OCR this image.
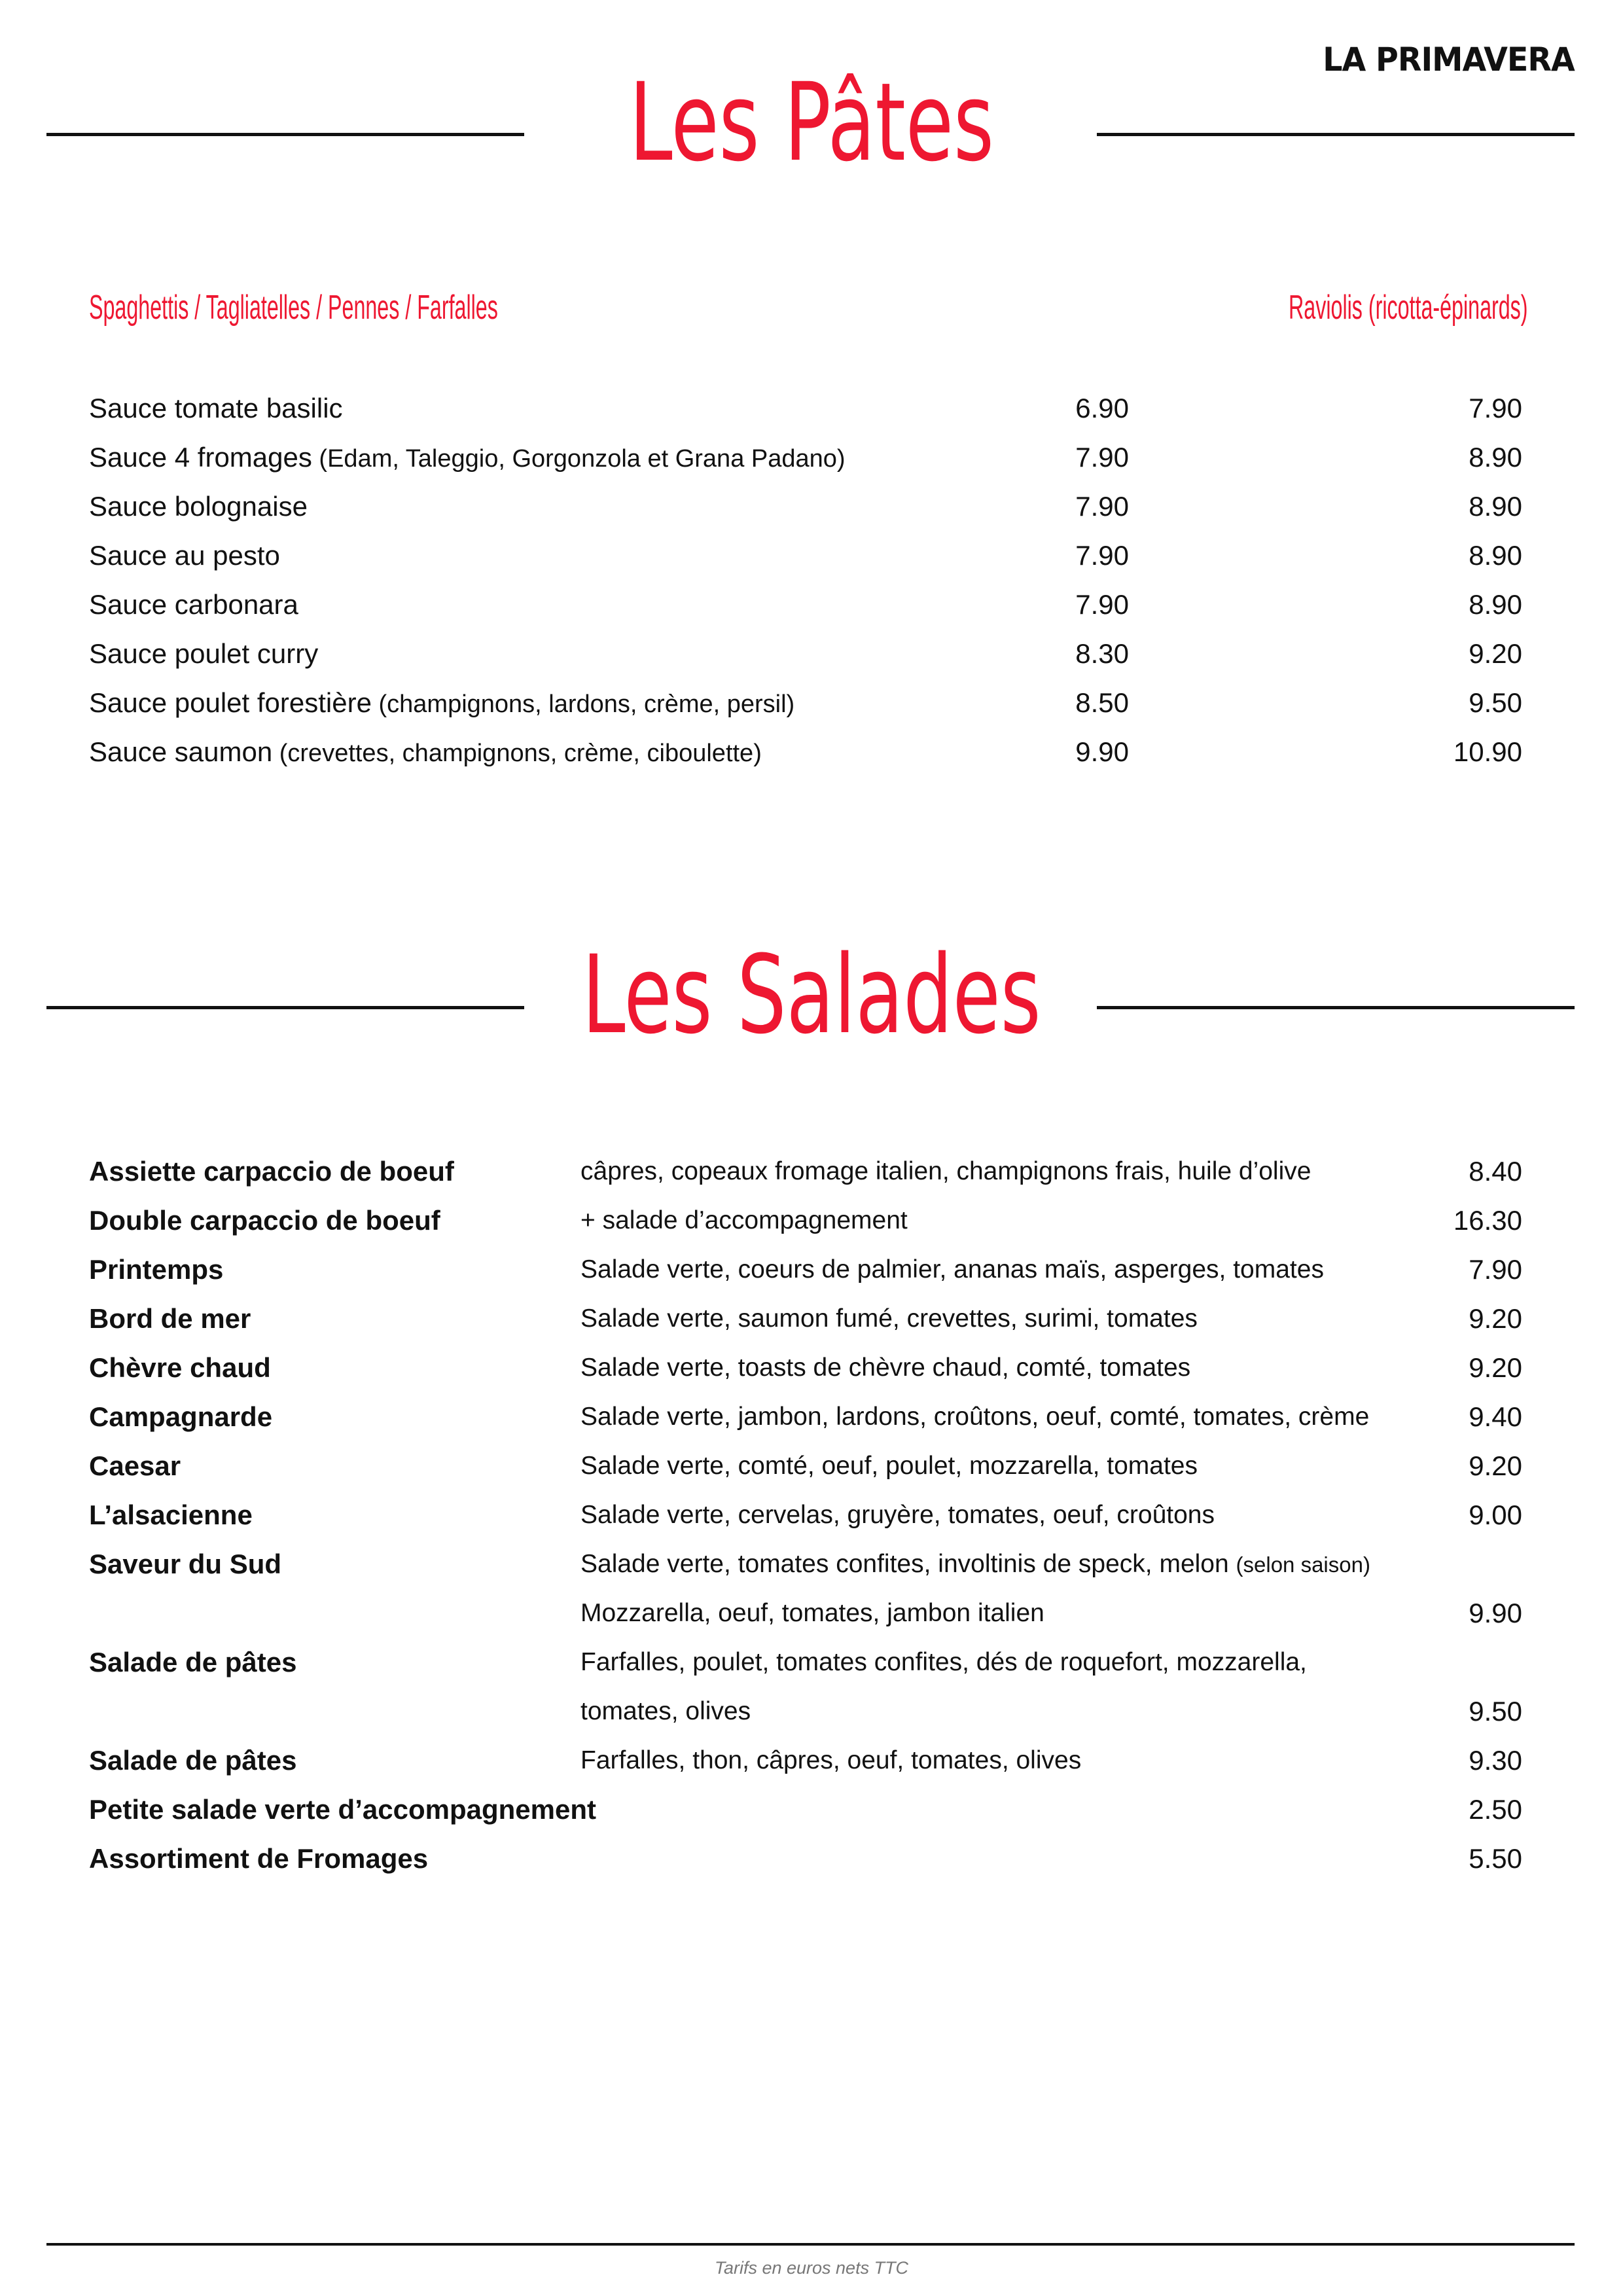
LA PRIMAVERA
Les Pâtes
Spaghettis / Tagliatelles / Pennes / Farfalles	Raviolis (ricotta-épinards)
Sauce tomate basilic	6.90	7.90
Sauce 4 fromages (Edam, Taleggio, Gorgonzola et Grana Padano)	7.90	8.90
Sauce bolognaise	7.90	8.90
Sauce au pesto	7.90	8.90
Sauce carbonara	7.90	8.90
Sauce poulet curry	8.30	9.20
Sauce poulet forestière (champignons, lardons, crème, persil)	8.50	9.50
Sauce saumon (crevettes, champignons, crème, ciboulette)	9.90	10.90
Les Salades
Assiette carpaccio de boeuf	câpres, copeaux fromage italien, champignons frais, huile d’olive	8.40
Double carpaccio de boeuf	+ salade d’accompagnement	16.30
Printemps	Salade verte, coeurs de palmier, ananas maïs, asperges, tomates	7.90
Bord de mer	Salade verte, saumon fumé, crevettes, surimi, tomates	9.20
Chèvre chaud	Salade verte, toasts de chèvre chaud, comté, tomates	9.20
Campagnarde	Salade verte, jambon, lardons, croûtons, oeuf, comté, tomates, crème	9.40
Caesar	Salade verte, comté, oeuf, poulet, mozzarella, tomates	9.20
L’alsacienne	Salade verte, cervelas, gruyère, tomates, oeuf, croûtons	9.00
Saveur du Sud	Salade verte, tomates confites, involtinis de speck, melon (selon saison)
Mozzarella, oeuf, tomates, jambon italien	9.90
Salade de pâtes	Farfalles, poulet, tomates confites, dés de roquefort, mozzarella,
tomates, olives	9.50
Salade de pâtes	Farfalles, thon, câpres, oeuf, tomates, olives	9.30
Petite salade verte d’accompagnement	2.50
Assortiment de Fromages	5.50
Tarifs en euros nets TTC
